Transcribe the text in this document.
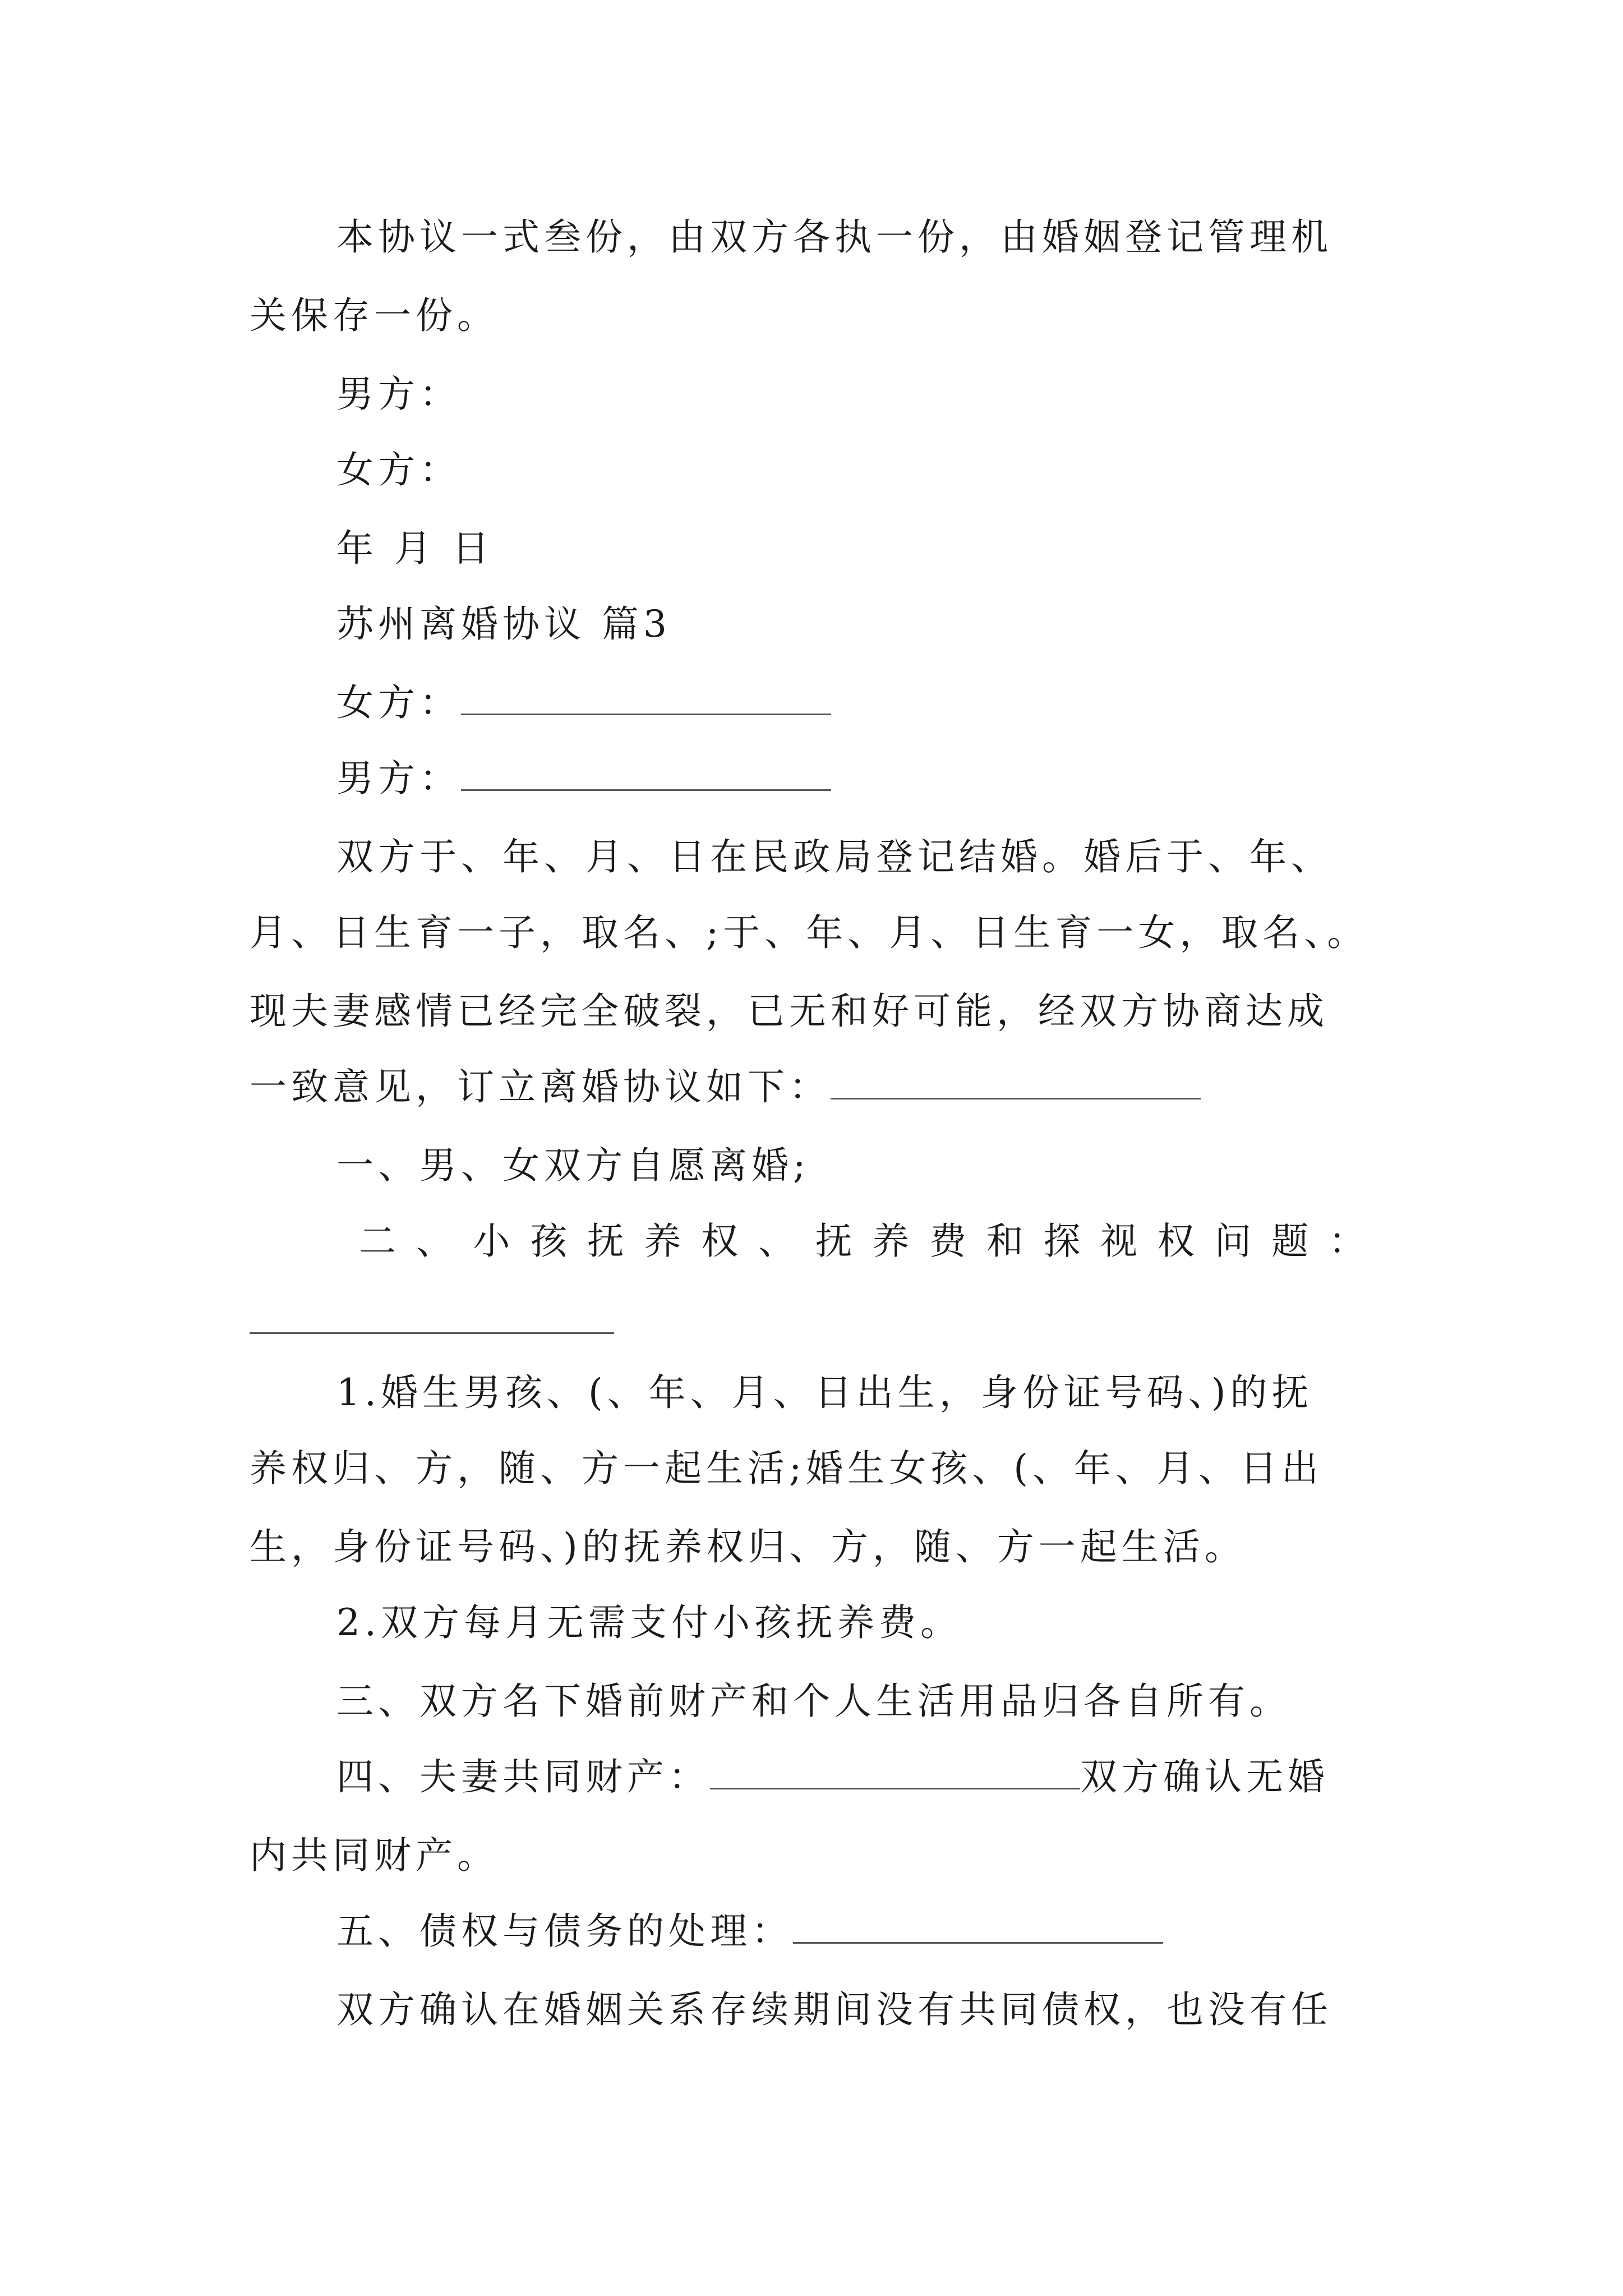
本协议一式叁份，由双方各执一份，由婚姻登记管理机
关保存一份。
男方：
女方：
年 月 日
苏州离婚协议 篇3
女方：
男方：
双方于、年、月、日在民政局登记结婚。婚后于、年、
月、日生育一子，取名、;于、年、月、日生育一女，取名、。
现夫妻感情已经完全破裂，已无和好可能，经双方协商达成
一致意见，订立离婚协议如下：
一、男、女双方自愿离婚;
二 、 小 孩 抚 养 权 、 抚 养 费 和 探 视 权 问 题 ：
1.婚生男孩、(、年、月、日出生，身份证号码、)的抚
养权归、方，随、方一起生活;婚生女孩、(、年、月、日出
生，身份证号码、)的抚养权归、方，随、方一起生活。
2.双方每月无需支付小孩抚养费。
三、双方名下婚前财产和个人生活用品归各自所有。
四、夫妻共同财产：	双方确认无婚
内共同财产。
五、债权与债务的处理：
双方确认在婚姻关系存续期间没有共同债权，也没有任
